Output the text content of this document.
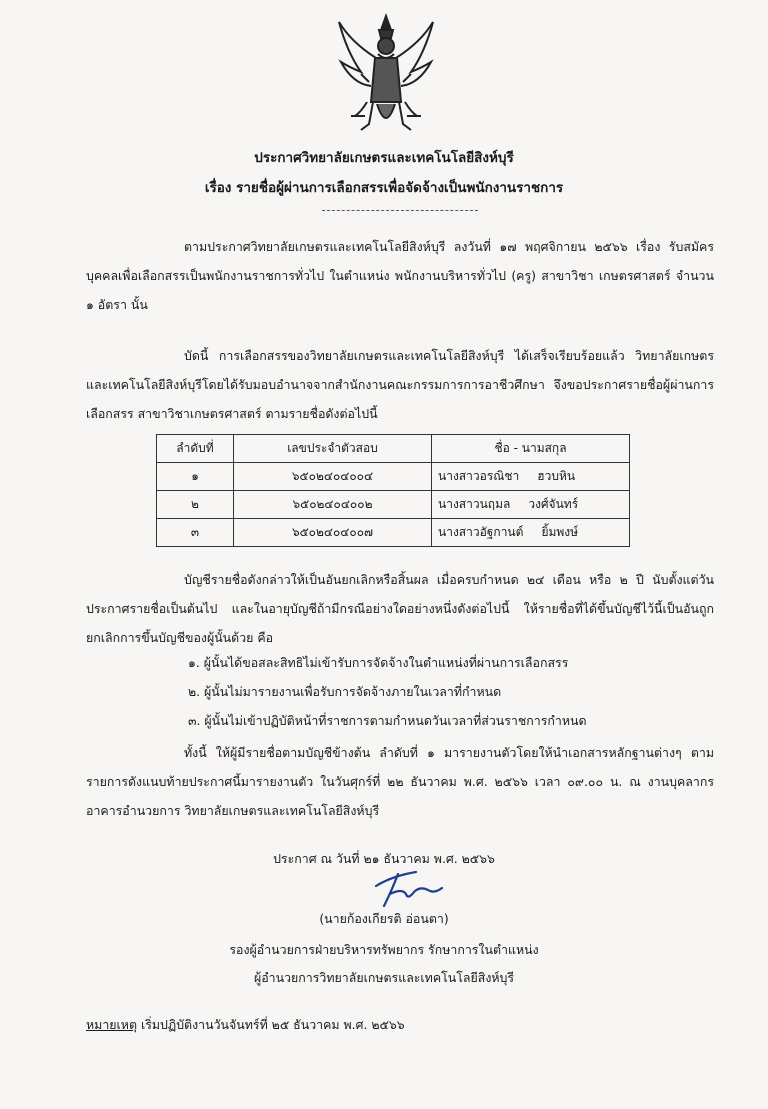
ประกาศวิทยาลัยเกษตรและเทคโนโลยีสิงห์บุรี
เรื่อง รายชื่อผู้ผ่านการเลือกสรรเพื่อจัดจ้างเป็นพนักงานราชการ
ตามประกาศวิทยาลัยเกษตรและเทคโนโลยีสิงห์บุรี ลงวันที่ ๑๗ พฤศจิกายน ๒๕๖๖ เรื่อง รับสมัครบุคคลเพื่อเลือกสรรเป็นพนักงานราชการทั่วไป ในตำแหน่ง พนักงานบริหารทั่วไป (ครู) สาขาวิชา เกษตรศาสตร์ จำนวน ๑ อัตรา นั้น
บัดนี้ การเลือกสรรของวิทยาลัยเกษตรและเทคโนโลยีสิงห์บุรี ได้เสร็จเรียบร้อยแล้ว วิทยาลัยเกษตรและเทคโนโลยีสิงห์บุรีโดยได้รับมอบอำนาจจากสำนักงานคณะกรรมการการอาชีวศึกษา จึงขอประกาศรายชื่อผู้ผ่านการเลือกสรร สาขาวิชาเกษตรศาสตร์ ตามรายชื่อดังต่อไปนี้
ลำดับที่	เลขประจำตัวสอบ	ชื่อ - นามสกุล
๑	๖๕๐๒๔๐๔๐๐๔	นางสาวอรณิชา ฮวบหิน
๒	๖๕๐๒๔๐๔๐๐๒	นางสาวนฤมล วงศ์จันทร์
๓	๖๕๐๒๔๐๔๐๐๗	นางสาวอัฐกานต์ ยิ้มพงษ์
บัญชีรายชื่อดังกล่าวให้เป็นอันยกเลิกหรือสิ้นผล เมื่อครบกำหนด ๒๔ เดือน หรือ ๒ ปี นับตั้งแต่วันประกาศรายชื่อเป็นต้นไป และในอายุบัญชีถ้ามีกรณีอย่างใดอย่างหนึ่งดังต่อไปนี้ ให้รายชื่อที่ได้ขึ้นบัญชีไว้นี้เป็นอันถูกยกเลิกการขึ้นบัญชีของผู้นั้นด้วย คือ
๑. ผู้นั้นได้ขอสละสิทธิไม่เข้ารับการจัดจ้างในตำแหน่งที่ผ่านการเลือกสรร
๒. ผู้นั้นไม่มารายงานเพื่อรับการจัดจ้างภายในเวลาที่กำหนด
๓. ผู้นั้นไม่เข้าปฏิบัติหน้าที่ราชการตามกำหนดวันเวลาที่ส่วนราชการกำหนด
ทั้งนี้ ให้ผู้มีรายชื่อตามบัญชีข้างต้น ลำดับที่ ๑ มารายงานตัวโดยให้นำเอกสารหลักฐานต่างๆ ตามรายการดังแนบท้ายประกาศนี้มารายงานตัว ในวันศุกร์ที่ ๒๒ ธันวาคม พ.ศ. ๒๕๖๖ เวลา ๐๙.๐๐ น. ณ งานบุคลากร อาคารอำนวยการ วิทยาลัยเกษตรและเทคโนโลยีสิงห์บุรี
ประกาศ ณ วันที่ ๒๑ ธันวาคม พ.ศ. ๒๕๖๖
(นายก้องเกียรติ อ่อนตา)
รองผู้อำนวยการฝ่ายบริหารทรัพยากร รักษาการในตำแหน่ง
ผู้อำนวยการวิทยาลัยเกษตรและเทคโนโลยีสิงห์บุรี
หมายเหตุ เริ่มปฏิบัติงานวันจันทร์ที่ ๒๕ ธันวาคม พ.ศ. ๒๕๖๖
